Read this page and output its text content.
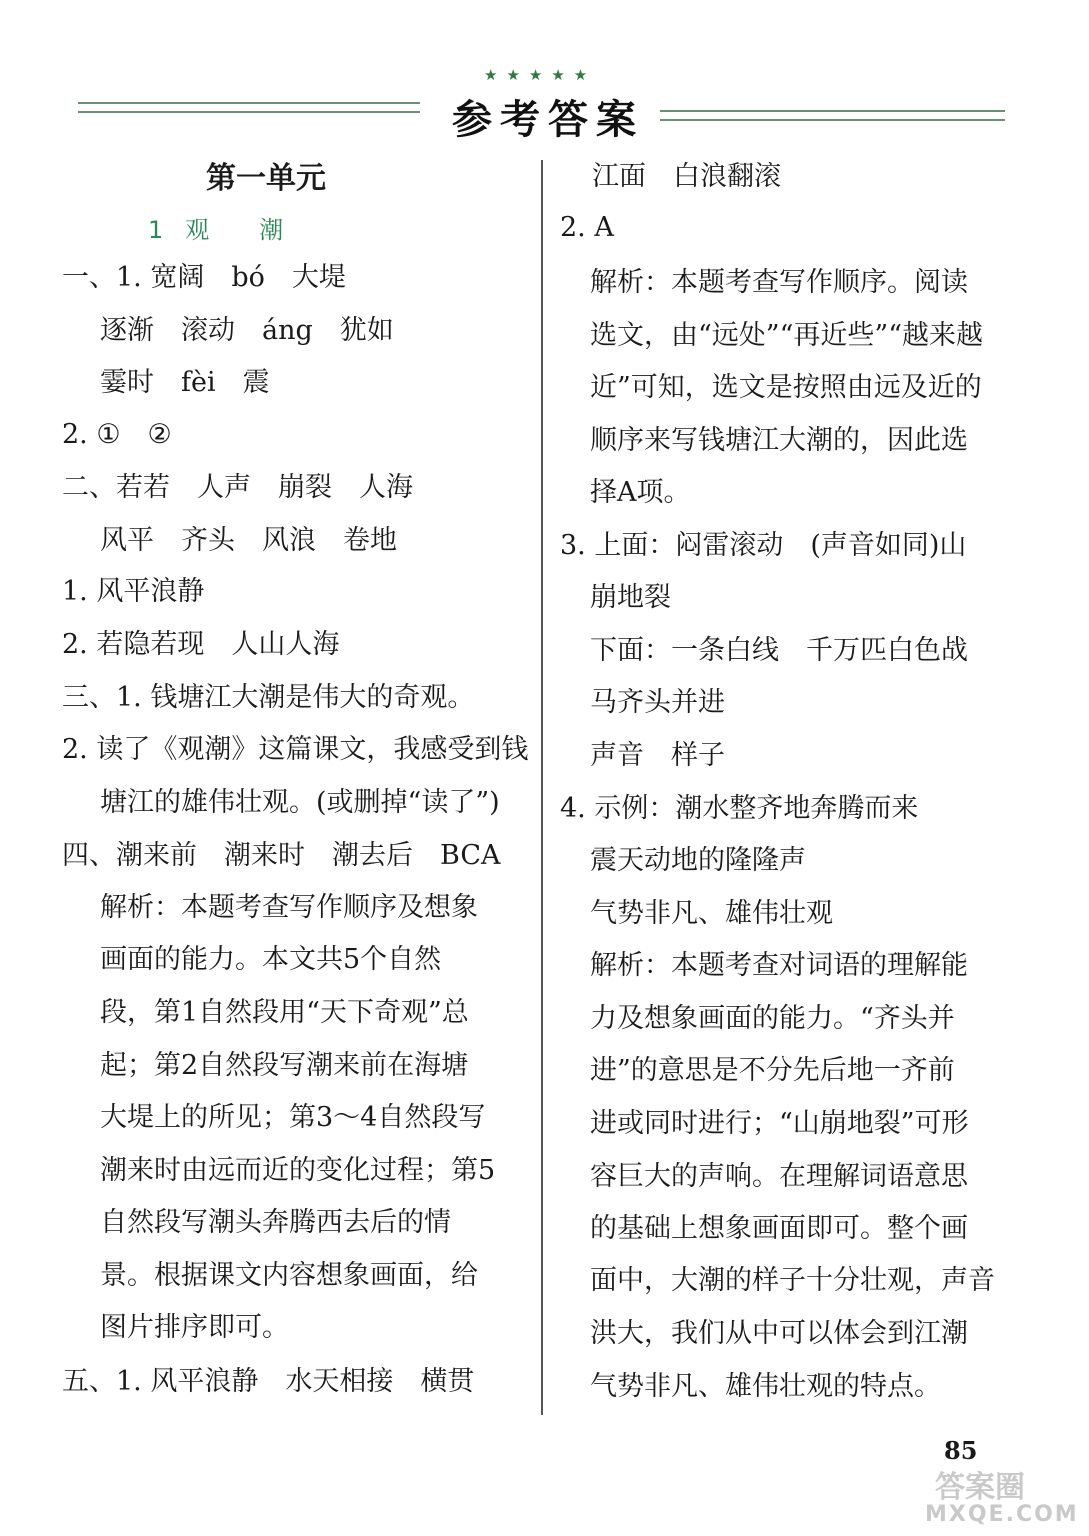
★★★★★
参考答案
第一单元
1 观 潮
一、1. 宽阔　bó　大堤
逐渐　滚动　áng　犹如
霎时　fèi　震
2. ①　②
二、若若　人声　崩裂　人海
风平　齐头　风浪　卷地
1. 风平浪静
2. 若隐若现　人山人海
三、1. 钱塘江大潮是伟大的奇观。
2. 读了《观潮》这篇课文，我感受到钱
塘江的雄伟壮观。(或删掉“读了”)
四、潮来前　潮来时　潮去后　BCA
解析：本题考查写作顺序及想象
画面的能力。本文共5个自然
段，第1自然段用“天下奇观”总
起；第2自然段写潮来前在海塘
大堤上的所见；第3～4自然段写
潮来时由远而近的变化过程；第5
自然段写潮头奔腾西去后的情
景。根据课文内容想象画面，给
图片排序即可。
五、1. 风平浪静　水天相接　横贯
江面　白浪翻滚
2. A
解析：本题考查写作顺序。阅读
选文，由“远处”“再近些”“越来越
近”可知，选文是按照由远及近的
顺序来写钱塘江大潮的，因此选
择A项。
3. 上面：闷雷滚动　(声音如同)山
崩地裂
下面：一条白线　千万匹白色战
马齐头并进
声音　样子
4. 示例：潮水整齐地奔腾而来
震天动地的隆隆声
气势非凡、雄伟壮观
解析：本题考查对词语的理解能
力及想象画面的能力。“齐头并
进”的意思是不分先后地一齐前
进或同时进行；“山崩地裂”可形
容巨大的声响。在理解词语意思
的基础上想象画面即可。整个画
面中，大潮的样子十分壮观，声音
洪大，我们从中可以体会到江潮
气势非凡、雄伟壮观的特点。
85
答案圈
MXQE.COM
